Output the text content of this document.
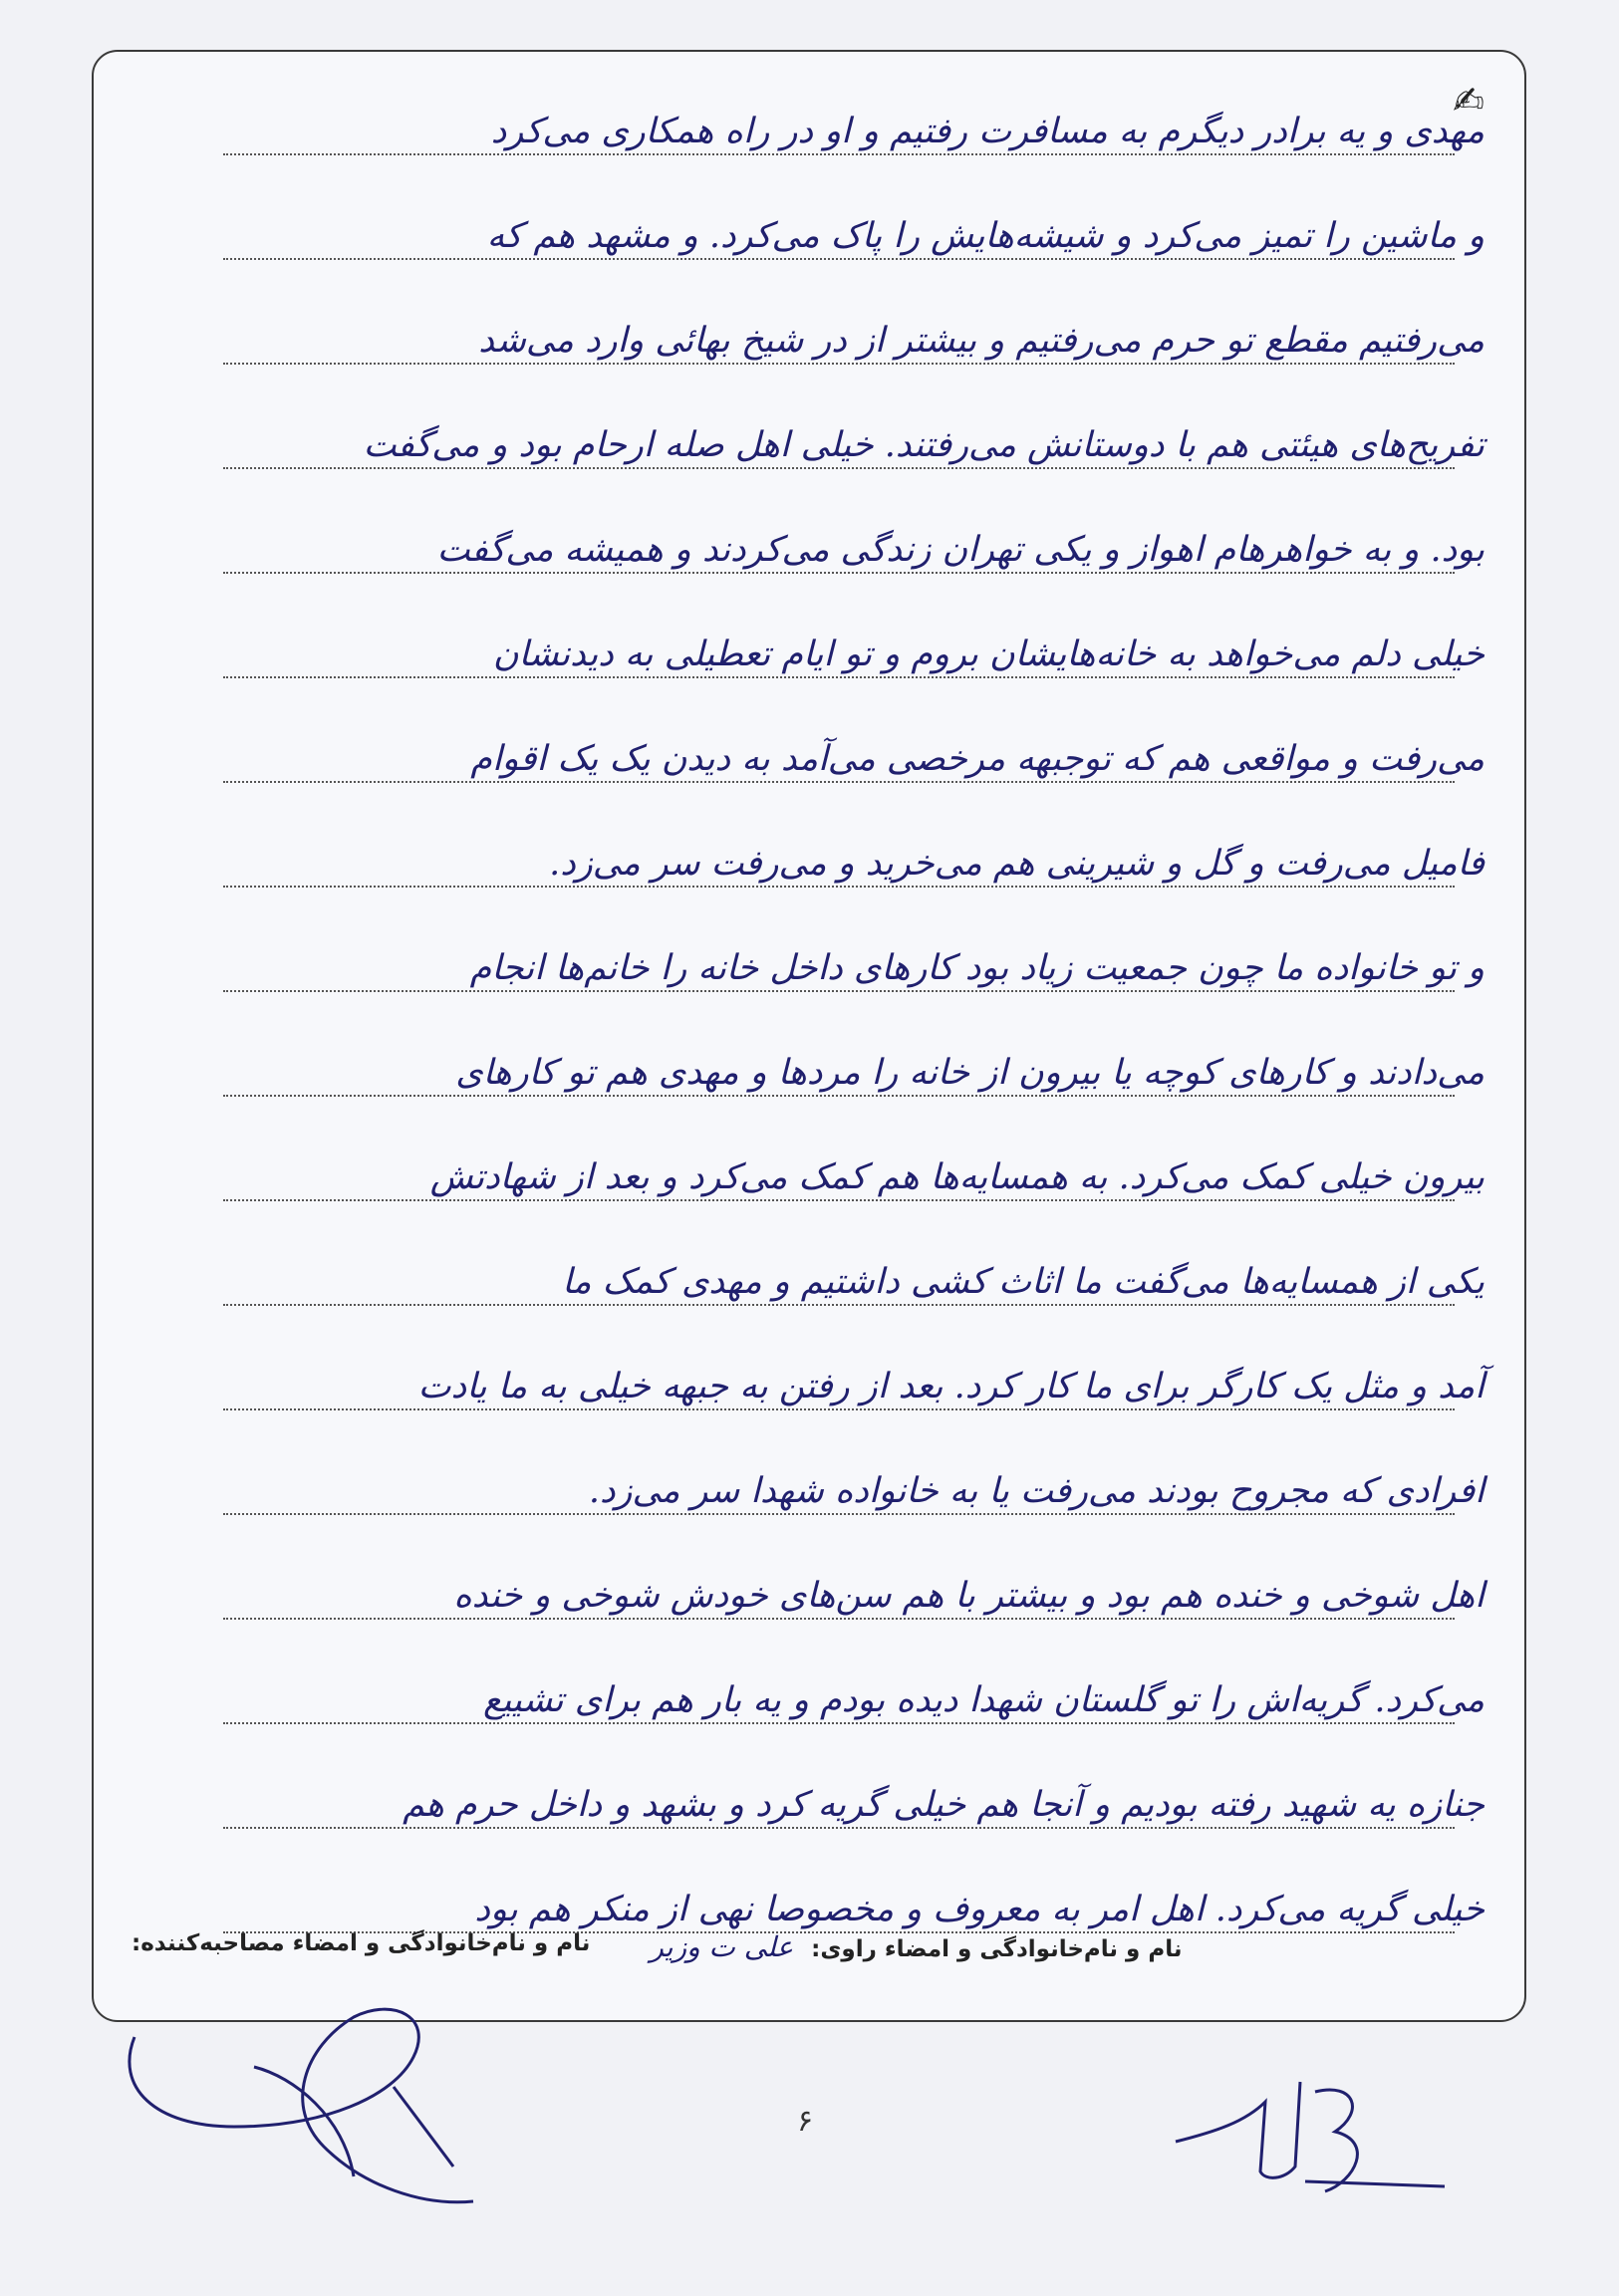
✍
مهدی و یه برادر دیگرم به مسافرت رفتیم و او در راه همکاری می‌کرد
و ماشین را تمیز می‌کرد و شیشه‌هایش را پاک می‌کرد. و مشهد هم که
می‌رفتیم مقطع تو حرم می‌رفتیم و بیشتر از در شیخ بهائی وارد می‌شد
تفریح‌های هیئتی هم با دوستانش می‌رفتند. خیلی اهل صله ارحام بود و می‌گفت
بود. و به خواهرهام اهواز و یکی تهران زندگی می‌کردند و همیشه می‌گفت
خیلی دلم می‌خواهد به خانه‌هایشان بروم و تو ایام تعطیلی به دیدنشان
می‌رفت و مواقعی هم که توجبهه مرخصی می‌آمد به دیدن یک یک اقوام
فامیل می‌رفت و گل و شیرینی هم می‌خرید و می‌رفت سر می‌زد.
و تو خانواده ما چون جمعیت زیاد بود کارهای داخل خانه را خانم‌ها انجام
می‌دادند و کارهای کوچه یا بیرون از خانه را مردها و مهدی هم تو کارهای
بیرون خیلی کمک می‌کرد. به همسایه‌ها هم کمک می‌کرد و بعد از شهادتش
یکی از همسایه‌ها می‌گفت ما اثاث کشی داشتیم و مهدی کمک ما
آمد و مثل یک کارگر برای ما کار کرد. بعد از رفتن به جبهه خیلی به ما یادت
افرادی که مجروح بودند می‌رفت یا به خانواده شهدا سر می‌زد.
اهل شوخی و خنده هم بود و بیشتر با هم سن‌های خودش شوخی و خنده
می‌کرد. گریه‌اش را تو گلستان شهدا دیده بودم و یه بار هم برای تشییع
جنازه یه شهید رفته بودیم و آنجا هم خیلی گریه کرد و بشهد و داخل حرم هم
خیلی گریه می‌کرد. اهل امر به معروف و مخصوصا نهی از منکر هم بود
نام و نام‌خانوادگی و امضاء راوی: علی ت وزیر
نام و نام‌خانوادگی و امضاء مصاحبه‌کننده:
۶
